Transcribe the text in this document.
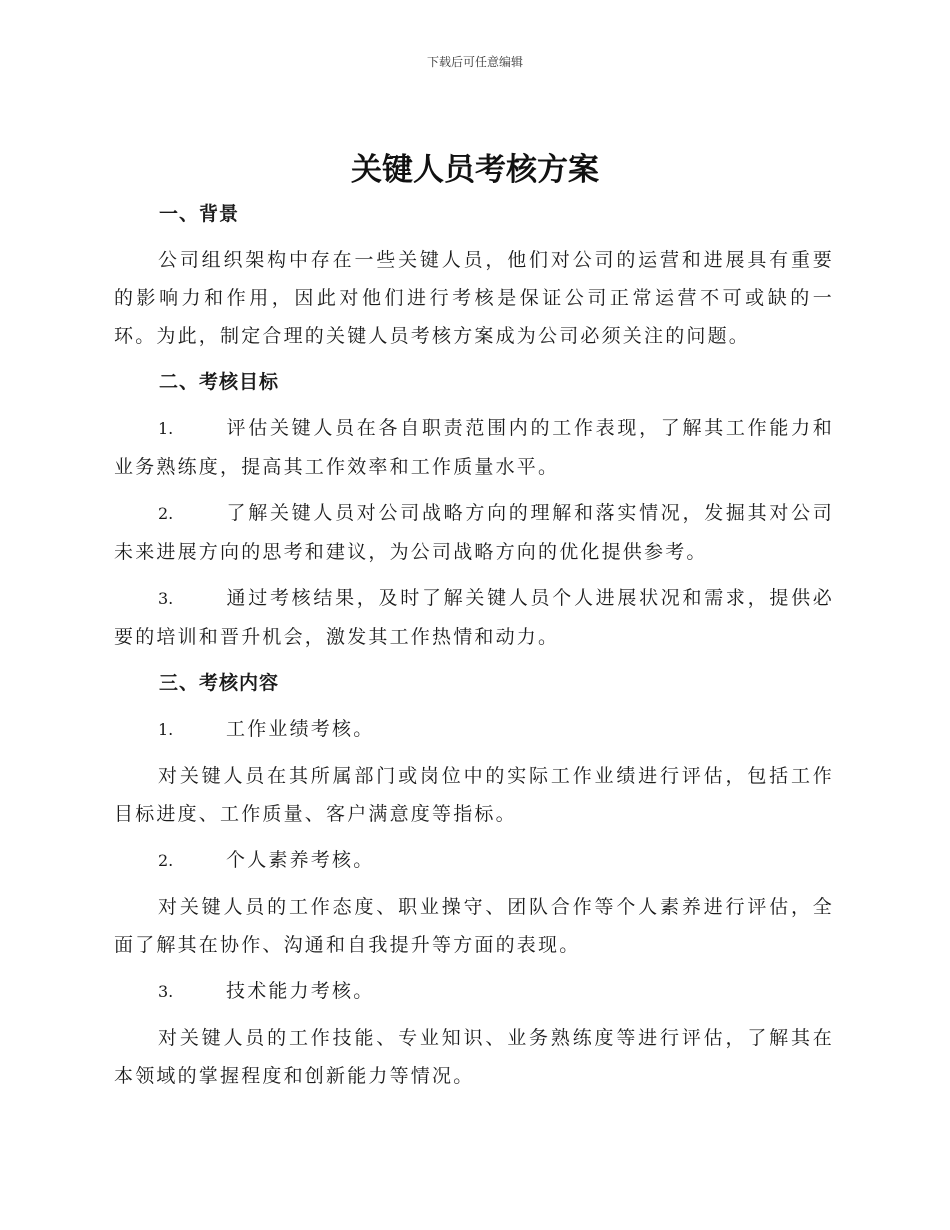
下载后可任意编辑
关键人员考核方案
一、背景

公司组织架构中存在一些关键人员，他们对公司的运营和进展具有重要的影响力和作用，因此对他们进行考核是保证公司正常运营不可或缺的一环。为此，制定合理的关键人员考核方案成为公司必须关注的问题。

二、考核目标

1.	评估关键人员在各自职责范围内的工作表现，了解其工作能力和业务熟练度，提高其工作效率和工作质量水平。

2.	了解关键人员对公司战略方向的理解和落实情况，发掘其对公司未来进展方向的思考和建议，为公司战略方向的优化提供参考。

3.	通过考核结果，及时了解关键人员个人进展状况和需求，提供必要的培训和晋升机会，激发其工作热情和动力。

三、考核内容

1.	工作业绩考核。

对关键人员在其所属部门或岗位中的实际工作业绩进行评估，包括工作目标进度、工作质量、客户满意度等指标。

2.	个人素养考核。

对关键人员的工作态度、职业操守、团队合作等个人素养进行评估，全面了解其在协作、沟通和自我提升等方面的表现。

3.	技术能力考核。

对关键人员的工作技能、专业知识、业务熟练度等进行评估，了解其在本领域的掌握程度和创新能力等情况。
